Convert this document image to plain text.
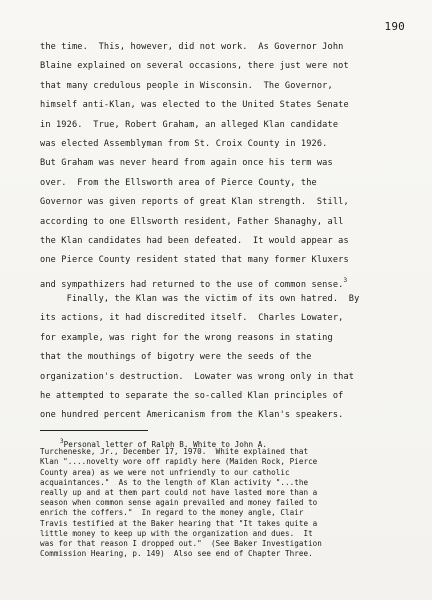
190
the time.  This, however, did not work.  As Governor John
Blaine explained on several occasions, there just were not
that many credulous people in Wisconsin.  The Governor,
himself anti-Klan, was elected to the United States Senate
in 1926.  True, Robert Graham, an alleged Klan candidate
was elected Assemblyman from St. Croix County in 1926.
But Graham was never heard from again once his term was
over.  From the Ellsworth area of Pierce County, the
Governor was given reports of great Klan strength.  Still,
according to one Ellsworth resident, Father Shanaghy, all
the Klan candidates had been defeated.  It would appear as
one Pierce County resident stated that many former Kluxers
and sympathizers had returned to the use of common sense.$^3$
Finally, the Klan was the victim of its own hatred.  By
its actions, it had discredited itself.  Charles Lowater,
for example, was right for the wrong reasons in stating
that the mouthings of bigotry were the seeds of the
organization's destruction.  Lowater was wrong only in that
he attempted to separate the so-called Klan principles of
one hundred percent Americanism from the Klan's speakers.
$^3$Personal letter of Ralph B. White to John A.
Turcheneske, Jr., December 17, 1970.  White explained that
Klan "....novelty wore off rapidly here (Maiden Rock, Pierce
County area) as we were not unfriendly to our catholic
acquaintances."  As to the length of Klan activity "...the
really up and at them part could not have lasted more than a
season when common sense again prevailed and money failed to
enrich the coffers."  In regard to the money angle, Clair
Travis testified at the Baker hearing that "It takes quite a
little money to keep up with the organization and dues.  It
was for that reason I dropped out."  (See Baker Investigation
Commission Hearing, p. 149)  Also see end of Chapter Three.
